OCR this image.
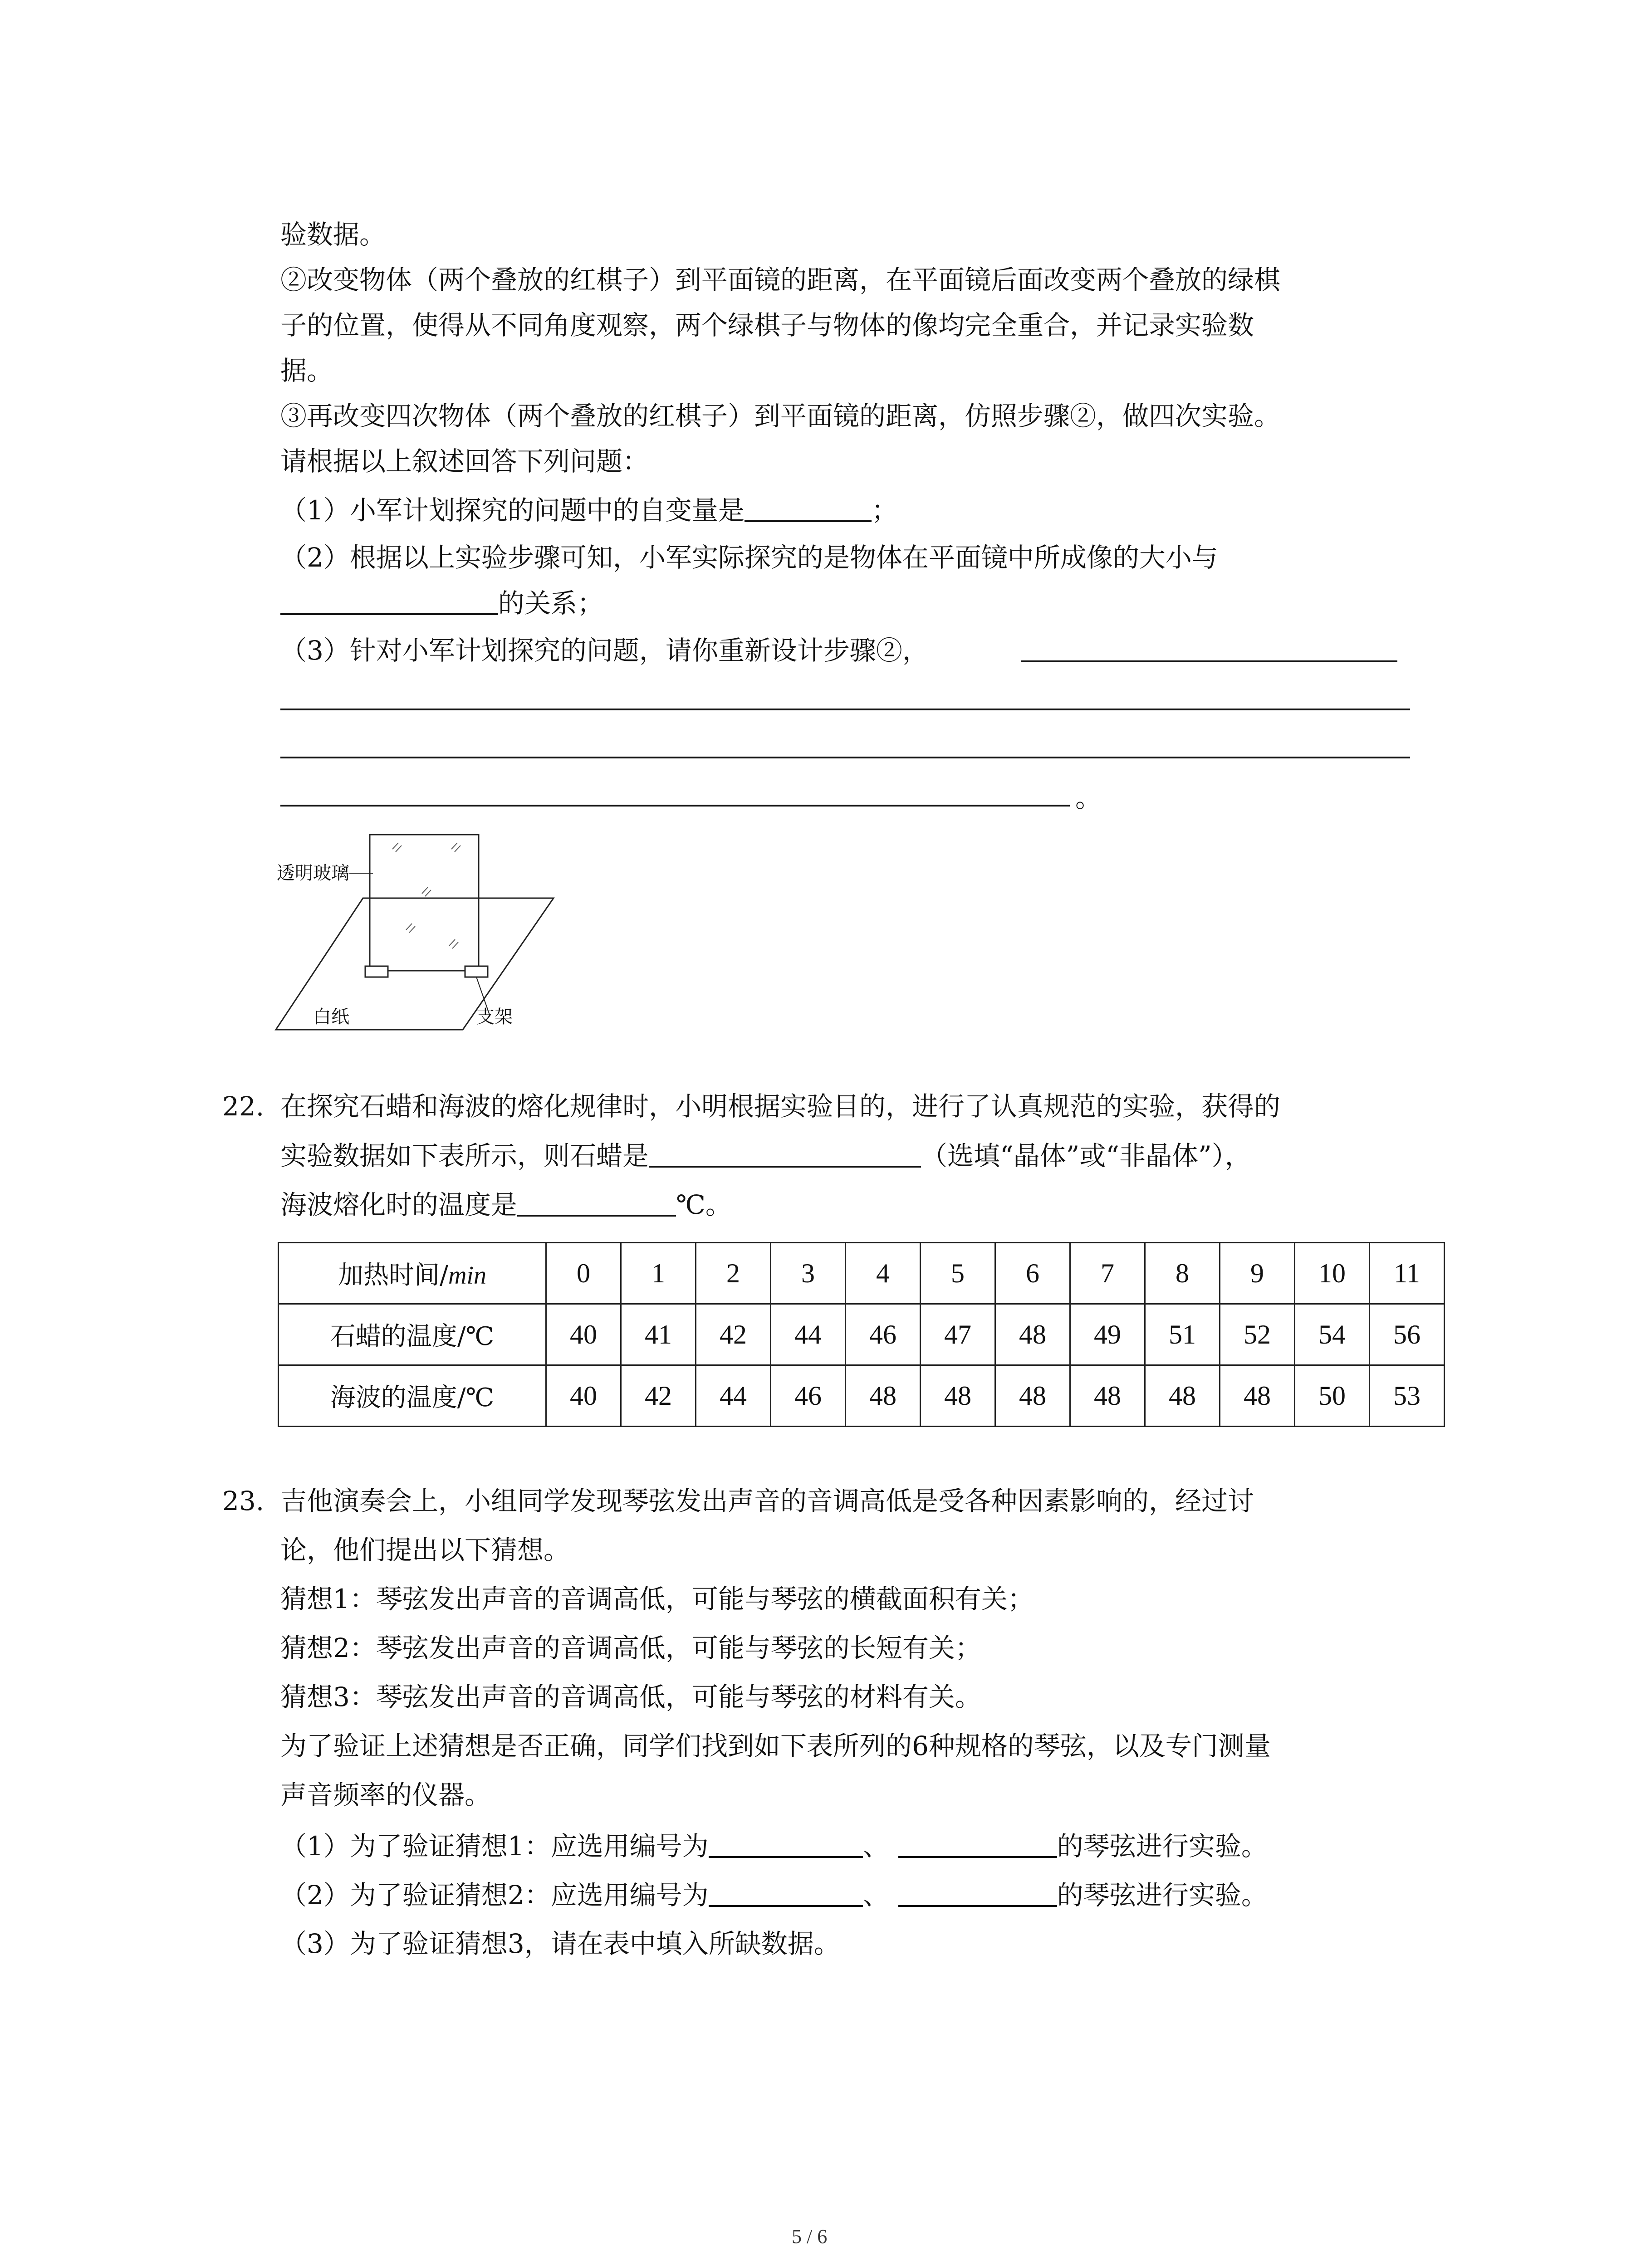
验数据。
②改变物体（两个叠放的红棋子）到平面镜的距离，在平面镜后面改变两个叠放的绿棋
子的位置，使得从不同角度观察，两个绿棋子与物体的像均完全重合，并记录实验数
据。
③再改变四次物体（两个叠放的红棋子）到平面镜的距离，仿照步骤②，做四次实验。
请根据以上叙述回答下列问题：
（1）小军计划探究的问题中的自变量是	；
（2）根据以上实验步骤可知，小军实际探究的是物体在平面镜中所成像的大小与
的关系；
（3）针对小军计划探究的问题，请你重新设计步骤②，
。
透明玻璃
白纸	支架
22. 在探究石蜡和海波的熔化规律时，小明根据实验目的，进行了认真规范的实验，获得的
实验数据如下表所示，则石蜡是	（选填“晶体”或“非晶体”），
海波熔化时的温度是	℃。
加热时间/min	0	1	2	3	4	5	6	7	8	9	10	11
石蜡的温度/℃	40	41	42	44	46	47	48	49	51	52	54	56
海波的温度/℃	40	42	44	46	48	48	48	48	48	48	50	53
23. 吉他演奏会上，小组同学发现琴弦发出声音的音调高低是受各种因素影响的，经过讨
论，他们提出以下猜想。
猜想1：琴弦发出声音的音调高低，可能与琴弦的横截面积有关；
猜想2：琴弦发出声音的音调高低，可能与琴弦的长短有关；
猜想3：琴弦发出声音的音调高低，可能与琴弦的材料有关。
为了验证上述猜想是否正确，同学们找到如下表所列的6种规格的琴弦，以及专门测量
声音频率的仪器。
（1）为了验证猜想1：应选用编号为	、	的琴弦进行实验。
（2）为了验证猜想2：应选用编号为	、	的琴弦进行实验。
（3）为了验证猜想3，请在表中填入所缺数据。
5 / 6
